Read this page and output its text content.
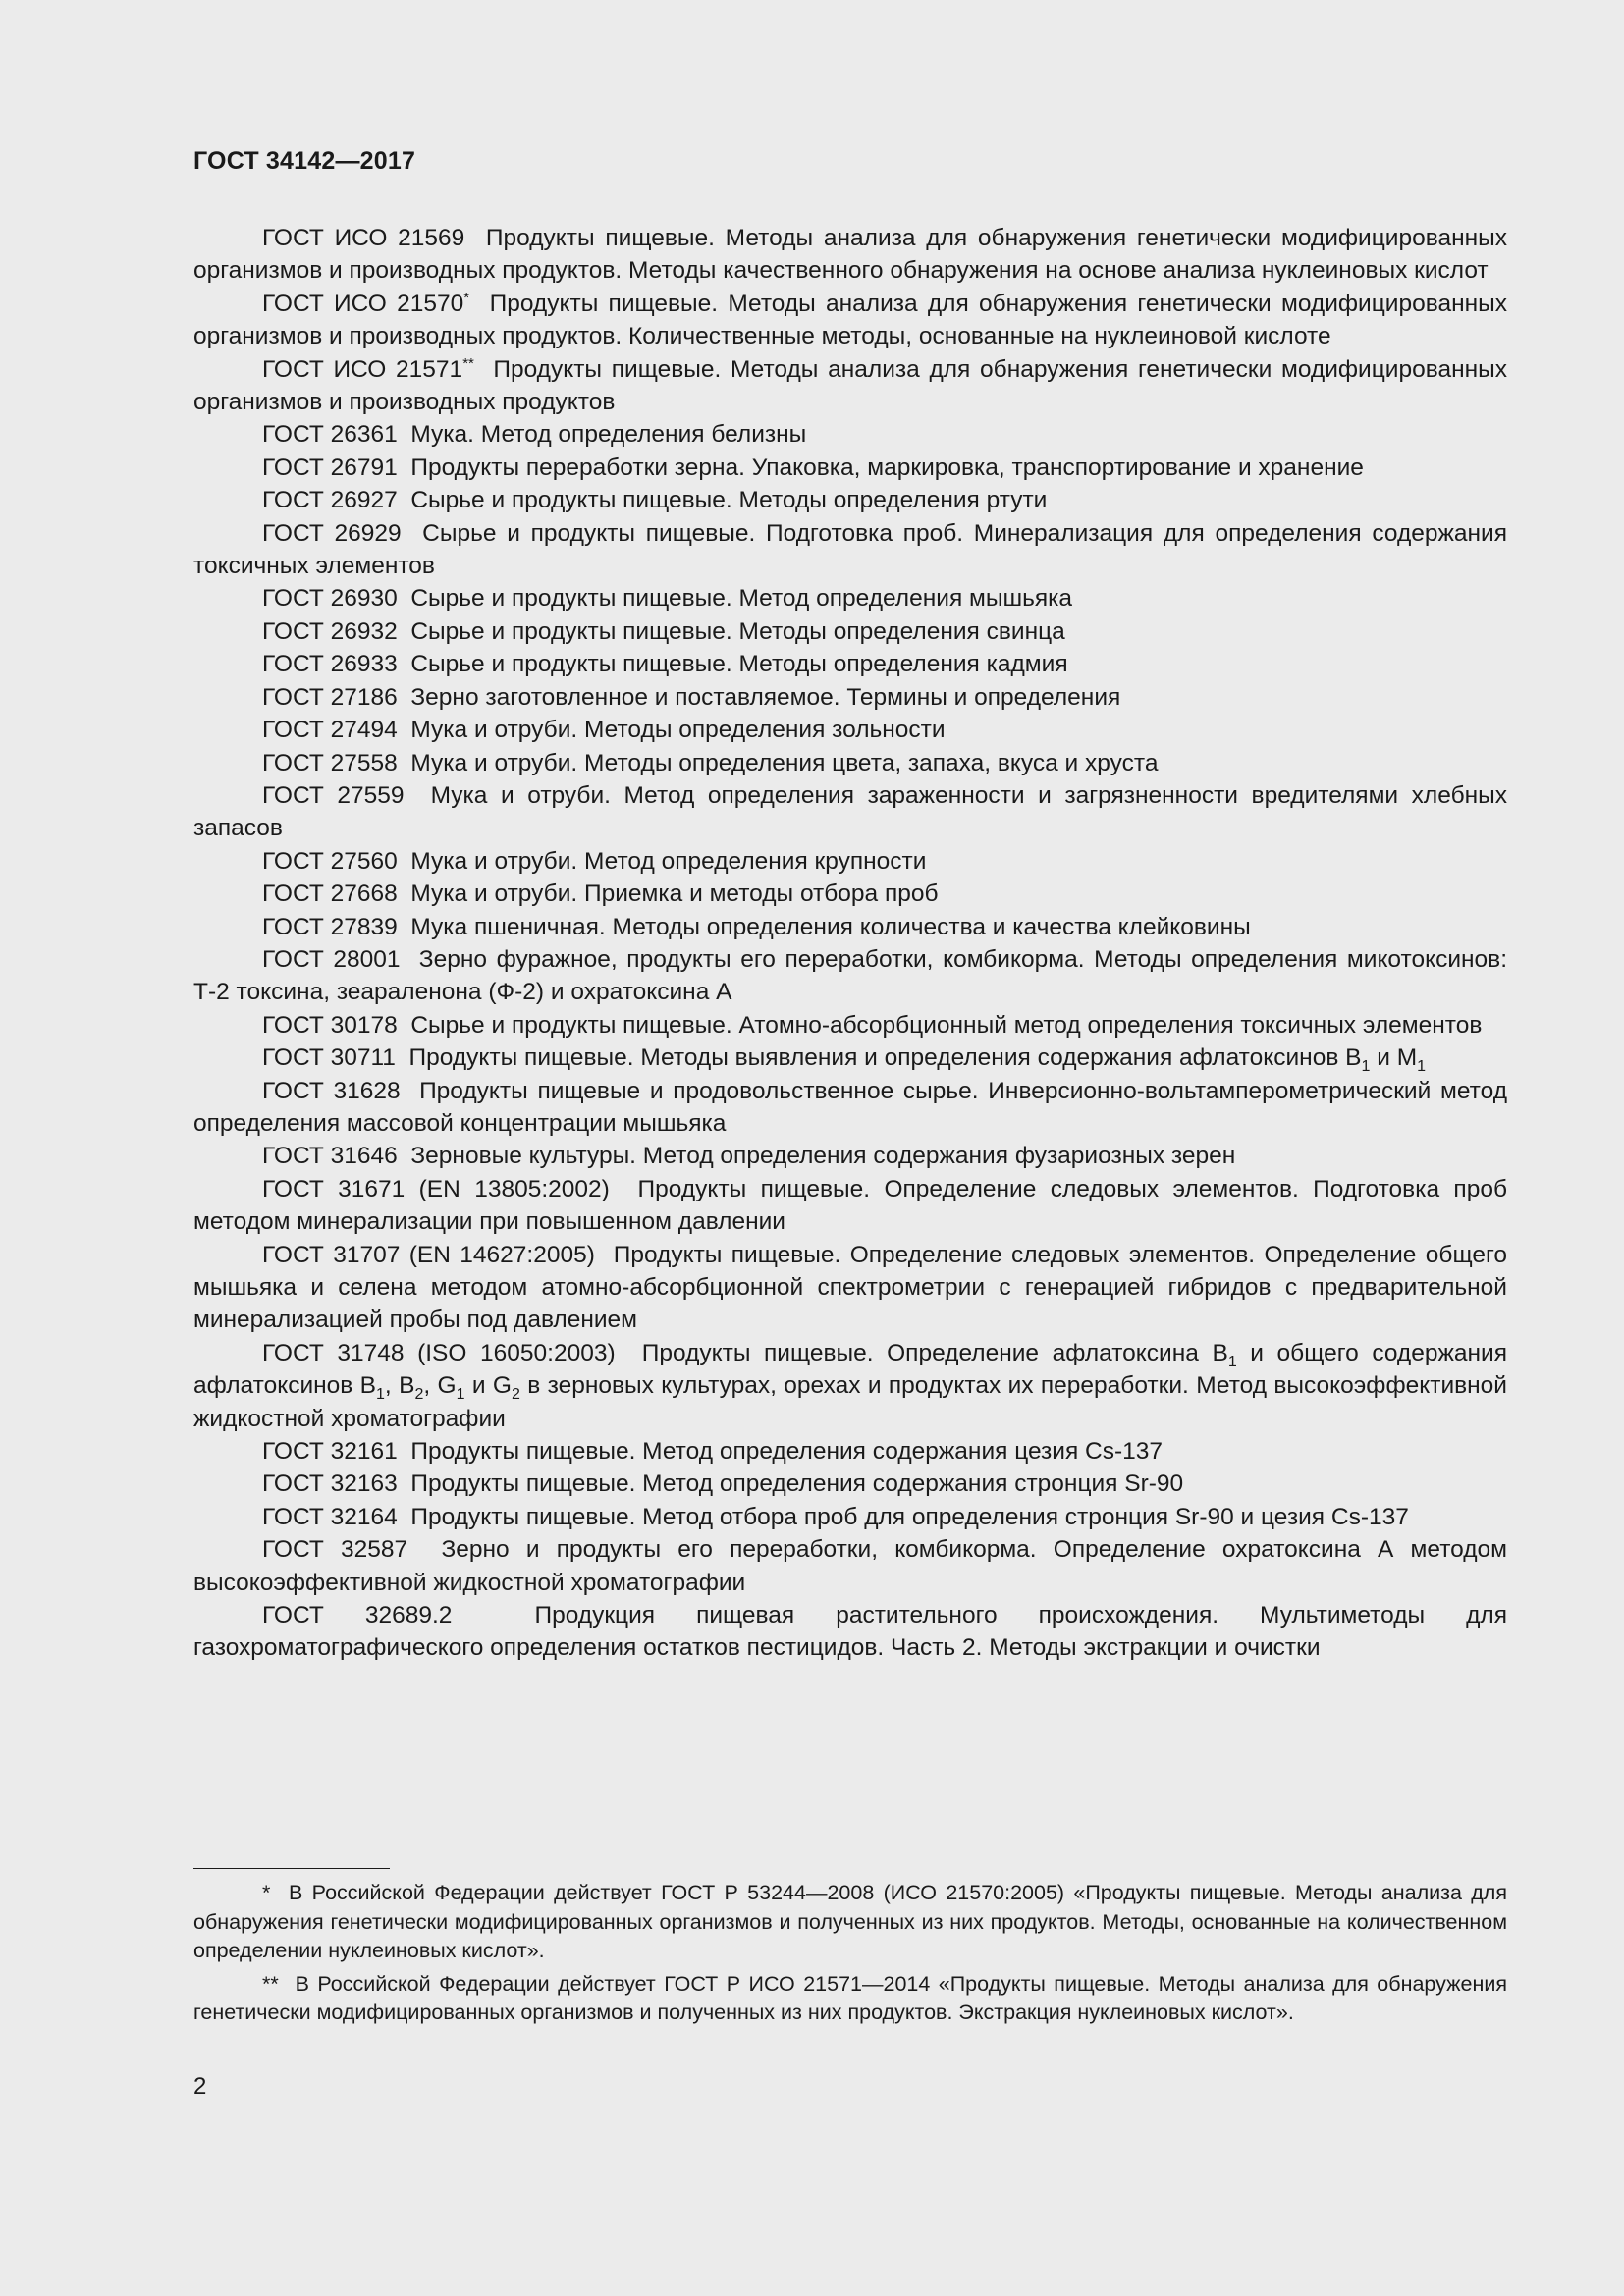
ГОСТ 34142—2017

ГОСТ ИСО 21569 Продукты пищевые. Методы анализа для обнаружения генетически модифицированных организмов и производных продуктов. Методы качественного обнаружения на основе анализа нуклеиновых кислот

ГОСТ ИСО 21570* Продукты пищевые. Методы анализа для обнаружения генетически модифицированных организмов и производных продуктов. Количественные методы, основанные на нуклеиновой кислоте

ГОСТ ИСО 21571** Продукты пищевые. Методы анализа для обнаружения генетически модифицированных организмов и производных продуктов

ГОСТ 26361 Мука. Метод определения белизны

ГОСТ 26791 Продукты переработки зерна. Упаковка, маркировка, транспортирование и хранение

ГОСТ 26927 Сырье и продукты пищевые. Методы определения ртути

ГОСТ 26929 Сырье и продукты пищевые. Подготовка проб. Минерализация для определения содержания токсичных элементов

ГОСТ 26930 Сырье и продукты пищевые. Метод определения мышьяка

ГОСТ 26932 Сырье и продукты пищевые. Методы определения свинца

ГОСТ 26933 Сырье и продукты пищевые. Методы определения кадмия

ГОСТ 27186 Зерно заготовленное и поставляемое. Термины и определения

ГОСТ 27494 Мука и отруби. Методы определения зольности

ГОСТ 27558 Мука и отруби. Методы определения цвета, запаха, вкуса и хруста

ГОСТ 27559 Мука и отруби. Метод определения зараженности и загрязненности вредителями хлебных запасов

ГОСТ 27560 Мука и отруби. Метод определения крупности

ГОСТ 27668 Мука и отруби. Приемка и методы отбора проб

ГОСТ 27839 Мука пшеничная. Методы определения количества и качества клейковины

ГОСТ 28001 Зерно фуражное, продукты его переработки, комбикорма. Методы определения микотоксинов: Т-2 токсина, зеараленона (Ф-2) и охратоксина А

ГОСТ 30178 Сырье и продукты пищевые. Атомно-абсорбционный метод определения токсичных элементов

ГОСТ 30711 Продукты пищевые. Методы выявления и определения содержания афлатоксинов $B_1$ и $M_1$

ГОСТ 31628 Продукты пищевые и продовольственное сырье. Инверсионно-вольтамперометрический метод определения массовой концентрации мышьяка

ГОСТ 31646 Зерновые культуры. Метод определения содержания фузариозных зерен

ГОСТ 31671 (EN 13805:2002) Продукты пищевые. Определение следовых элементов. Подготовка проб методом минерализации при повышенном давлении

ГОСТ 31707 (EN 14627:2005) Продукты пищевые. Определение следовых элементов. Определение общего мышьяка и селена методом атомно-абсорбционной спектрометрии с генерацией гибридов с предварительной минерализацией пробы под давлением

ГОСТ 31748 (ISO 16050:2003) Продукты пищевые. Определение афлатоксина $B_1$ и общего содержания афлатоксинов $B_1$, $B_2$, $G_1$ и $G_2$ в зерновых культурах, орехах и продуктах их переработки. Метод высокоэффективной жидкостной хроматографии

ГОСТ 32161 Продукты пищевые. Метод определения содержания цезия Cs-137

ГОСТ 32163 Продукты пищевые. Метод определения содержания стронция Sr-90

ГОСТ 32164 Продукты пищевые. Метод отбора проб для определения стронция Sr-90 и цезия Cs-137

ГОСТ 32587 Зерно и продукты его переработки, комбикорма. Определение охратоксина А методом высокоэффективной жидкостной хроматографии

ГОСТ 32689.2	Продукция пищевая растительного происхождения. Мультиметоды для газохроматографического определения остатков пестицидов. Часть 2. Методы экстракции и очистки

* В Российской Федерации действует ГОСТ Р 53244—2008 (ИСО 21570:2005) «Продукты пищевые. Методы анализа для обнаружения генетически модифицированных организмов и полученных из них продуктов. Методы, основанные на количественном определении нуклеиновых кислот».

** В Российской Федерации действует ГОСТ Р ИСО 21571—2014 «Продукты пищевые. Методы анализа для обнаружения генетически модифицированных организмов и полученных из них продуктов. Экстракция нуклеиновых кислот».

2
